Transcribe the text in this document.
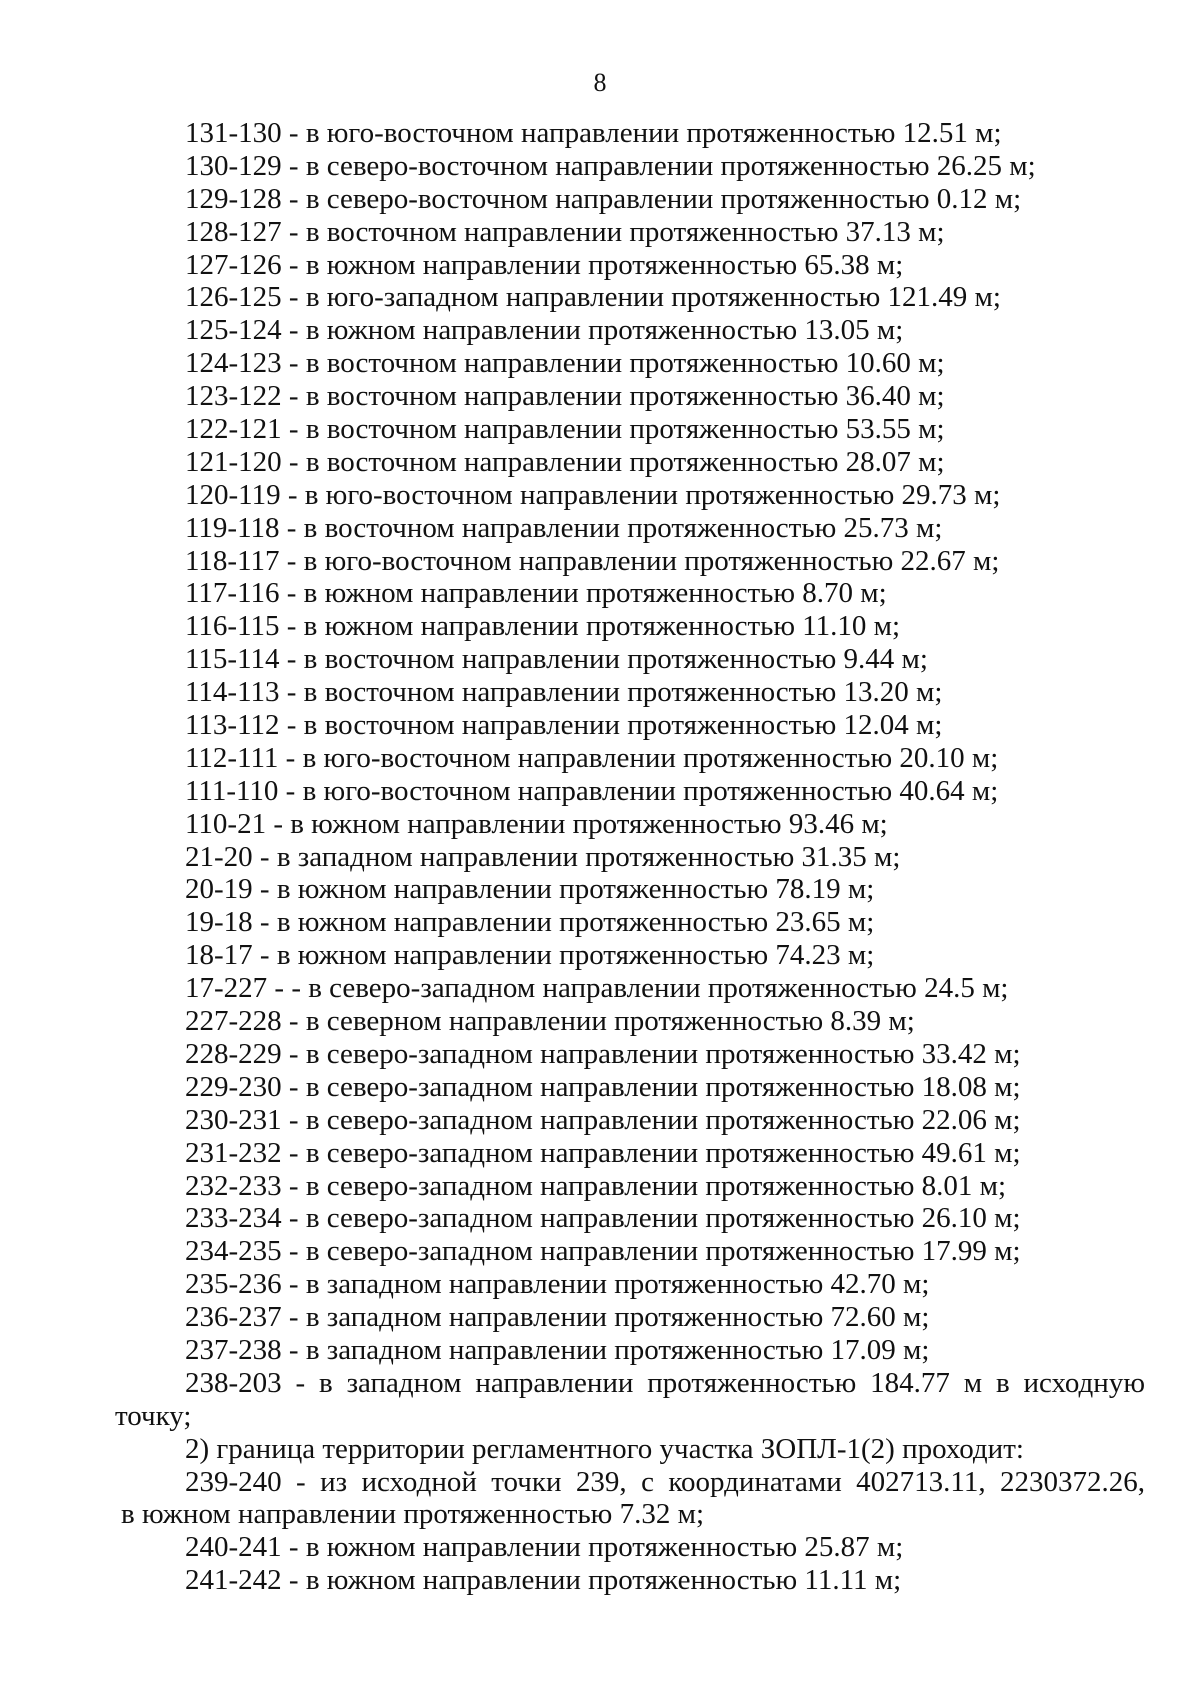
8
131-130 - в юго-восточном направлении протяженностью 12.51 м;
130-129 - в северо-восточном направлении протяженностью 26.25 м;
129-128 - в северо-восточном направлении протяженностью 0.12 м;
128-127 - в восточном направлении протяженностью 37.13 м;
127-126 - в южном направлении протяженностью 65.38 м;
126-125 - в юго-западном направлении протяженностью 121.49 м;
125-124 - в южном направлении протяженностью 13.05 м;
124-123 - в восточном направлении протяженностью 10.60 м;
123-122 - в восточном направлении протяженностью 36.40 м;
122-121 - в восточном направлении протяженностью 53.55 м;
121-120 - в восточном направлении протяженностью 28.07 м;
120-119 - в юго-восточном направлении протяженностью 29.73 м;
119-118 - в восточном направлении протяженностью 25.73 м;
118-117 - в юго-восточном направлении протяженностью 22.67 м;
117-116 - в южном направлении протяженностью 8.70 м;
116-115 - в южном направлении протяженностью 11.10 м;
115-114 - в восточном направлении протяженностью 9.44 м;
114-113 - в восточном направлении протяженностью 13.20 м;
113-112 - в восточном направлении протяженностью 12.04 м;
112-111 - в юго-восточном направлении протяженностью 20.10 м;
111-110 - в юго-восточном направлении протяженностью 40.64 м;
110-21 - в южном направлении протяженностью 93.46 м;
21-20 - в западном направлении протяженностью 31.35 м;
20-19 - в южном направлении протяженностью 78.19 м;
19-18 - в южном направлении протяженностью 23.65 м;
18-17 - в южном направлении протяженностью 74.23 м;
17-227 - - в северо-западном направлении протяженностью 24.5 м;
227-228 - в северном направлении протяженностью 8.39 м;
228-229 - в северо-западном направлении протяженностью 33.42 м;
229-230 - в северо-западном направлении протяженностью 18.08 м;
230-231 - в северо-западном направлении протяженностью 22.06 м;
231-232 - в северо-западном направлении протяженностью 49.61 м;
232-233 - в северо-западном направлении протяженностью 8.01 м;
233-234 - в северо-западном направлении протяженностью 26.10 м;
234-235 - в северо-западном направлении протяженностью 17.99 м;
235-236 - в западном направлении протяженностью 42.70 м;
236-237 - в западном направлении протяженностью 72.60 м;
237-238 - в западном направлении протяженностью 17.09 м;
238-203 - в западном направлении протяженностью 184.77 м в исходную
точку;
2) граница территории регламентного участка ЗОПЛ-1(2) проходит:
239-240 - из исходной точки 239, с координатами 402713.11, 2230372.26,
в южном направлении протяженностью 7.32 м;
240-241 - в южном направлении протяженностью 25.87 м;
241-242 - в южном направлении протяженностью 11.11 м;
